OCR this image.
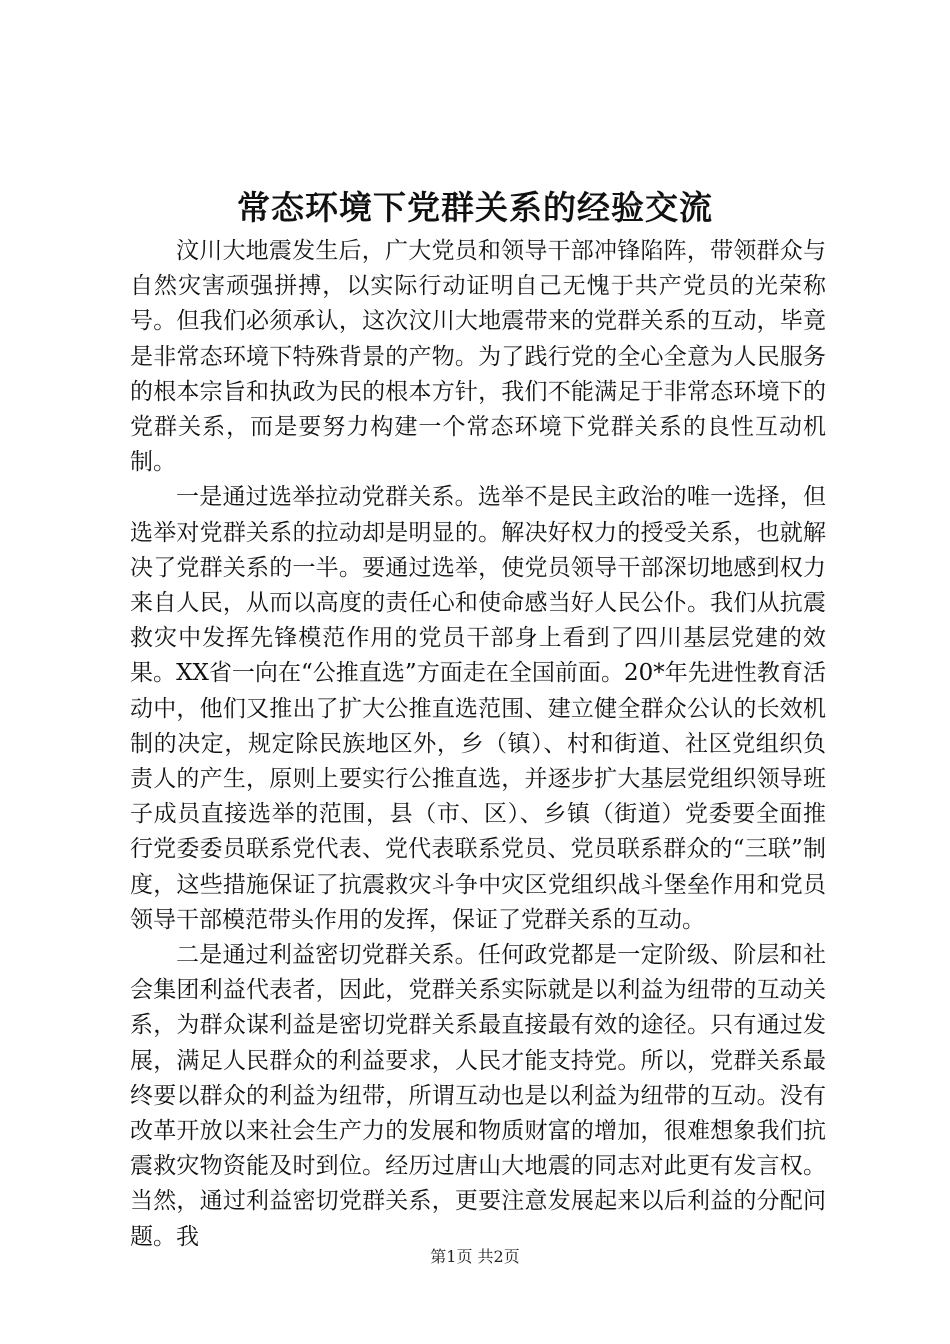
常态环境下党群关系的经验交流

汶川大地震发生后，广大党员和领导干部冲锋陷阵，带领群众与自然灾害顽强拼搏，以实际行动证明自己无愧于共产党员的光荣称号。但我们必须承认，这次汶川大地震带来的党群关系的互动，毕竟是非常态环境下特殊背景的产物。为了践行党的全心全意为人民服务的根本宗旨和执政为民的根本方针，我们不能满足于非常态环境下的党群关系，而是要努力构建一个常态环境下党群关系的良性互动机制。

一是通过选举拉动党群关系。选举不是民主政治的唯一选择，但选举对党群关系的拉动却是明显的。解决好权力的授受关系，也就解决了党群关系的一半。要通过选举，使党员领导干部深切地感到权力来自人民，从而以高度的责任心和使命感当好人民公仆。我们从抗震救灾中发挥先锋模范作用的党员干部身上看到了四川基层党建的效果。XX省一向在“公推直选”方面走在全国前面。20*年先进性教育活动中，他们又推出了扩大公推直选范围、建立健全群众公认的长效机制的决定，规定除民族地区外，乡（镇）、村和街道、社区党组织负责人的产生，原则上要实行公推直选，并逐步扩大基层党组织领导班子成员直接选举的范围，县（市、区）、乡镇（街道）党委要全面推行党委委员联系党代表、党代表联系党员、党员联系群众的“三联”制度，这些措施保证了抗震救灾斗争中灾区党组织战斗堡垒作用和党员领导干部模范带头作用的发挥，保证了党群关系的互动。

二是通过利益密切党群关系。任何政党都是一定阶级、阶层和社会集团利益代表者，因此，党群关系实际就是以利益为纽带的互动关系，为群众谋利益是密切党群关系最直接最有效的途径。只有通过发展，满足人民群众的利益要求，人民才能支持党。所以，党群关系最终要以群众的利益为纽带，所谓互动也是以利益为纽带的互动。没有改革开放以来社会生产力的发展和物质财富的增加，很难想象我们抗震救灾物资能及时到位。经历过唐山大地震的同志对此更有发言权。当然，通过利益密切党群关系，更要注意发展起来以后利益的分配问题。我

第1页 共2页
